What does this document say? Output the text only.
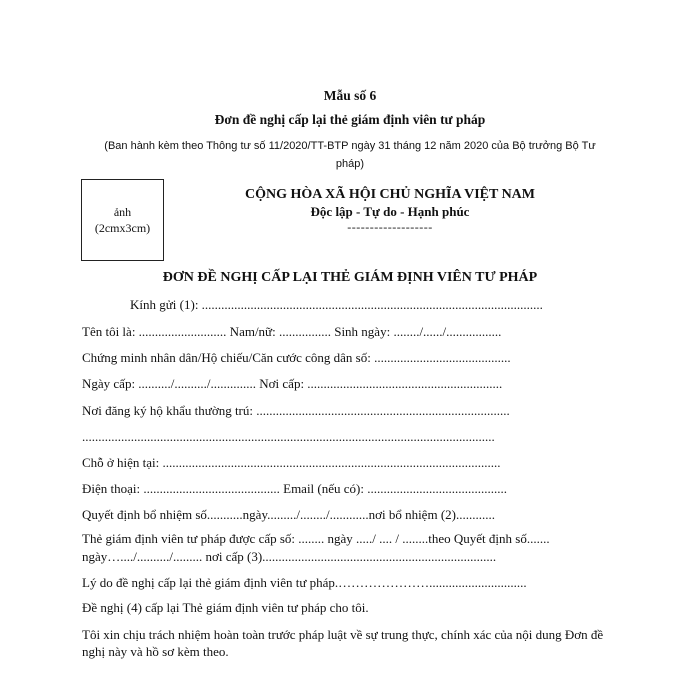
Mẫu số 6
Đơn đề nghị cấp lại thẻ giám định viên tư pháp
(Ban hành kèm theo Thông tư số 11/2020/TT-BTP ngày 31 tháng 12 năm 2020 của Bộ trưởng Bộ Tư pháp)
ảnh
(2cmx3cm)
CỘNG HÒA XÃ HỘI CHỦ NGHĨA VIỆT NAM
Độc lập - Tự do - Hạnh phúc
-------------------
ĐƠN ĐỀ NGHỊ CẤP LẠI THẺ GIÁM ĐỊNH VIÊN TƯ PHÁP
Kính gửi (1): .........................................................................................................
Tên tôi là: ........................... Nam/nữ: ................ Sinh ngày: ......../....../.................
Chứng minh nhân dân/Hộ chiếu/Căn cước công dân số: ..........................................
Ngày cấp: ........../........../.............. Nơi cấp: ............................................................
Nơi đăng ký hộ khẩu thường trú: ..............................................................................
...............................................................................................................................
Chỗ ở hiện tại: ........................................................................................................
Điện thoại: .......................................... Email (nếu có): ...........................................
Quyết định bổ nhiệm số...........ngày........./......../............nơi bổ nhiệm (2)............
Thẻ giám định viên tư pháp được cấp số: ........ ngày ...../ .... / ........theo Quyết định số.......
ngày…..../........../......... nơi cấp (3)........................................................................
Lý do đề nghị cấp lại thẻ giám định viên tư pháp.…………………..............................
Đề nghị (4) cấp lại Thẻ giám định viên tư pháp cho tôi.
Tôi xin chịu trách nhiệm hoàn toàn trước pháp luật về sự trung thực, chính xác của nội dung Đơn đề nghị này và hồ sơ kèm theo.
